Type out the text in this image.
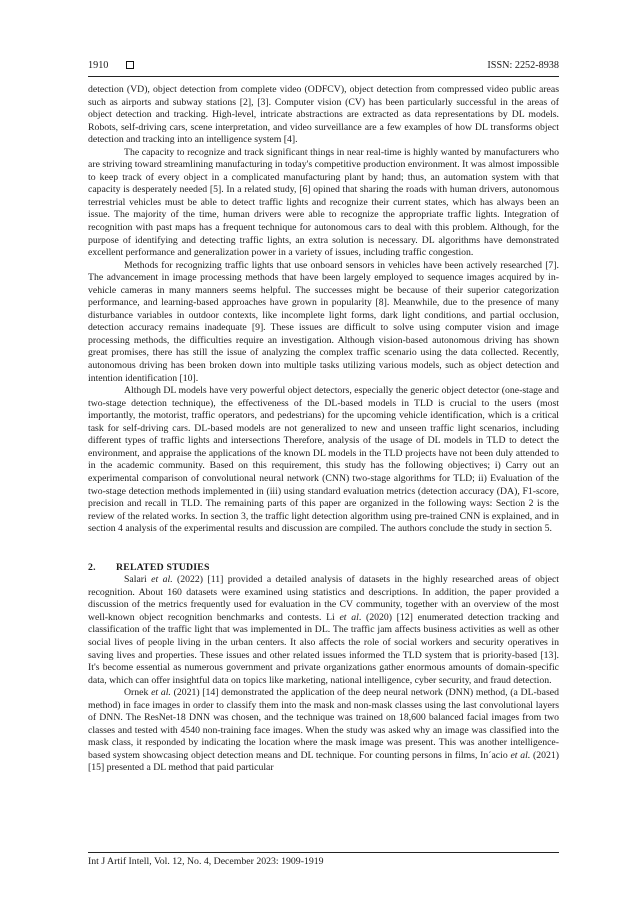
1910	ISSN: 2252-8938

detection (VD), object detection from complete video (ODFCV), object detection from compressed video public areas such as airports and subway stations [2], [3]. Computer vision (CV) has been particularly successful in the areas of object detection and tracking. High-level, intricate abstractions are extracted as data representations by DL models. Robots, self-driving cars, scene interpretation, and video surveillance are a few examples of how DL transforms object detection and tracking into an intelligence system [4].

The capacity to recognize and track significant things in near real-time is highly wanted by manufacturers who are striving toward streamlining manufacturing in today's competitive production environment. It was almost impossible to keep track of every object in a complicated manufacturing plant by hand; thus, an automation system with that capacity is desperately needed [5]. In a related study, [6] opined that sharing the roads with human drivers, autonomous terrestrial vehicles must be able to detect traffic lights and recognize their current states, which has always been an issue. The majority of the time, human drivers were able to recognize the appropriate traffic lights. Integration of recognition with past maps has a frequent technique for autonomous cars to deal with this problem. Although, for the purpose of identifying and detecting traffic lights, an extra solution is necessary. DL algorithms have demonstrated excellent performance and generalization power in a variety of issues, including traffic congestion.

Methods for recognizing traffic lights that use onboard sensors in vehicles have been actively researched [7]. The advancement in image processing methods that have been largely employed to sequence images acquired by in-vehicle cameras in many manners seems helpful. The successes might be because of their superior categorization performance, and learning-based approaches have grown in popularity [8]. Meanwhile, due to the presence of many disturbance variables in outdoor contexts, like incomplete light forms, dark light conditions, and partial occlusion, detection accuracy remains inadequate [9]. These issues are difficult to solve using computer vision and image processing methods, the difficulties require an investigation. Although vision-based autonomous driving has shown great promises, there has still the issue of analyzing the complex traffic scenario using the data collected. Recently, autonomous driving has been broken down into multiple tasks utilizing various models, such as object detection and intention identification [10].

Although DL models have very powerful object detectors, especially the generic object detector (one-stage and two-stage detection technique), the effectiveness of the DL-based models in TLD is crucial to the users (most importantly, the motorist, traffic operators, and pedestrians) for the upcoming vehicle identification, which is a critical task for self-driving cars. DL-based models are not generalized to new and unseen traffic light scenarios, including different types of traffic lights and intersections Therefore, analysis of the usage of DL models in TLD to detect the environment, and appraise the applications of the known DL models in the TLD projects have not been duly attended to in the academic community. Based on this requirement, this study has the following objectives; i) Carry out an experimental comparison of convolutional neural network (CNN) two-stage algorithms for TLD; ii) Evaluation of the two-stage detection methods implemented in (iii) using standard evaluation metrics (detection accuracy (DA), F1-score, precision and recall in TLD. The remaining parts of this paper are organized in the following ways: Section 2 is the review of the related works. In section 3, the traffic light detection algorithm using pre-trained CNN is explained, and in section 4 analysis of the experimental results and discussion are compiled. The authors conclude the study in section 5.

2. RELATED STUDIES

Salari et al. (2022) [11] provided a detailed analysis of datasets in the highly researched areas of object recognition. About 160 datasets were examined using statistics and descriptions. In addition, the paper provided a discussion of the metrics frequently used for evaluation in the CV community, together with an overview of the most well-known object recognition benchmarks and contests. Li et al. (2020) [12] enumerated detection tracking and classification of the traffic light that was implemented in DL. The traffic jam affects business activities as well as other social lives of people living in the urban centers. It also affects the role of social workers and security operatives in saving lives and properties. These issues and other related issues informed the TLD system that is priority-based [13]. It's become essential as numerous government and private organizations gather enormous amounts of domain-specific data, which can offer insightful data on topics like marketing, national intelligence, cyber security, and fraud detection.

Ornek et al. (2021) [14] demonstrated the application of the deep neural network (DNN) method, (a DL-based method) in face images in order to classify them into the mask and non-mask classes using the last convolutional layers of DNN. The ResNet-18 DNN was chosen, and the technique was trained on 18,600 balanced facial images from two classes and tested with 4540 non-training face images. When the study was asked why an image was classified into the mask class, it responded by indicating the location where the mask image was present. This was another intelligence-based system showcasing object detection means and DL technique. For counting persons in films, In´acio et al. (2021) [15] presented a DL method that paid particular

Int J Artif Intell, Vol. 12, No. 4, December 2023: 1909-1919
